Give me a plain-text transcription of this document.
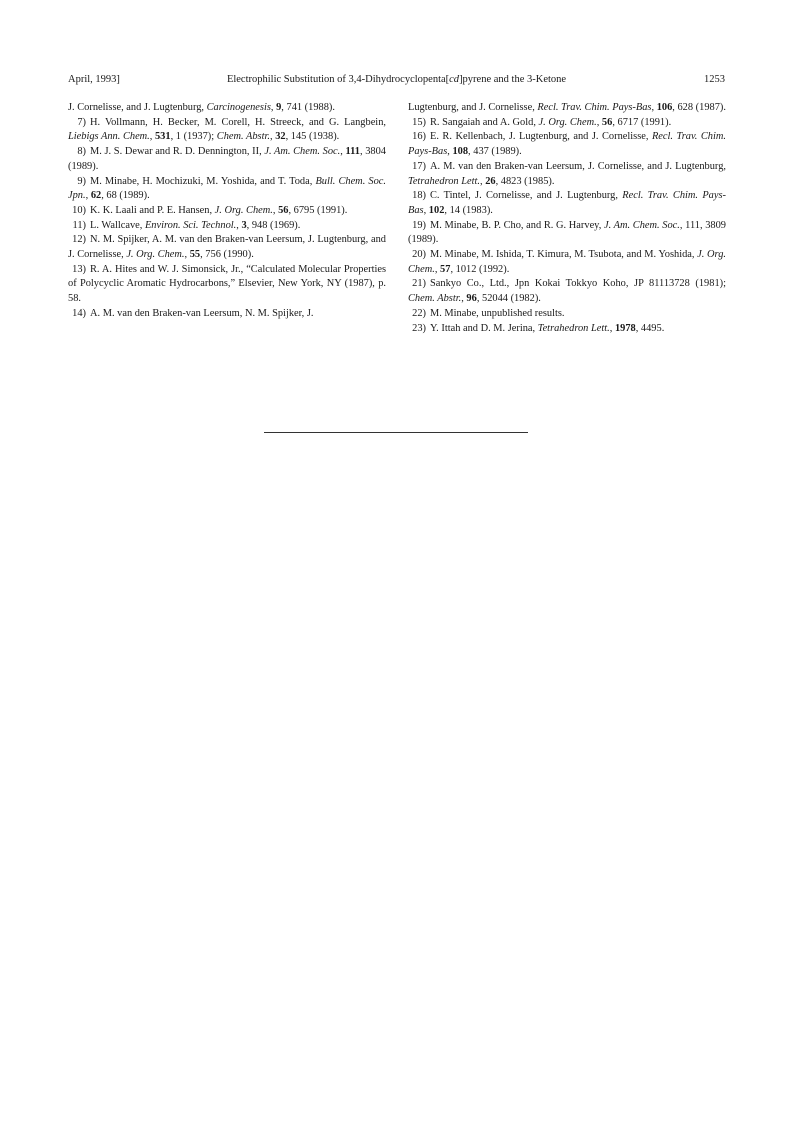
April, 1993]	Electrophilic Substitution of 3,4-Dihydrocyclopenta[cd]pyrene and the 3-Ketone	1253

J. Cornelisse, and J. Lugtenburg, Carcinogenesis, 9, 741 (1988).

7) H. Vollmann, H. Becker, M. Corell, H. Streeck, and G. Langbein, Liebigs Ann. Chem., 531, 1 (1937); Chem. Abstr., 32, 145 (1938).

8) M. J. S. Dewar and R. D. Dennington, II, J. Am. Chem. Soc., 111, 3804 (1989).

9) M. Minabe, H. Mochizuki, M. Yoshida, and T. Toda, Bull. Chem. Soc. Jpn., 62, 68 (1989).

10) K. K. Laali and P. E. Hansen, J. Org. Chem., 56, 6795 (1991).

11) L. Wallcave, Environ. Sci. Technol., 3, 948 (1969).

12) N. M. Spijker, A. M. van den Braken-van Leersum, J. Lugtenburg, and J. Cornelisse, J. Org. Chem., 55, 756 (1990).

13) R. A. Hites and W. J. Simonsick, Jr., “Calculated Molecular Properties of Polycyclic Aromatic Hydrocarbons,” Elsevier, New York, NY (1987), p. 58.

14) A. M. van den Braken-van Leersum, N. M. Spijker, J.

Lugtenburg, and J. Cornelisse, Recl. Trav. Chim. Pays-Bas, 106, 628 (1987).

15) R. Sangaiah and A. Gold, J. Org. Chem., 56, 6717 (1991).

16) E. R. Kellenbach, J. Lugtenburg, and J. Cornelisse, Recl. Trav. Chim. Pays-Bas, 108, 437 (1989).

17) A. M. van den Braken-van Leersum, J. Cornelisse, and J. Lugtenburg, Tetrahedron Lett., 26, 4823 (1985).

18) C. Tintel, J. Cornelisse, and J. Lugtenburg, Recl. Trav. Chim. Pays-Bas, 102, 14 (1983).

19) M. Minabe, B. P. Cho, and R. G. Harvey, J. Am. Chem. Soc., 111, 3809 (1989).

20) M. Minabe, M. Ishida, T. Kimura, M. Tsubota, and M. Yoshida, J. Org. Chem., 57, 1012 (1992).

21) Sankyo Co., Ltd., Jpn Kokai Tokkyo Koho, JP 81113728 (1981); Chem. Abstr., 96, 52044 (1982).

22) M. Minabe, unpublished results.

23) Y. Ittah and D. M. Jerina, Tetrahedron Lett., 1978, 4495.
